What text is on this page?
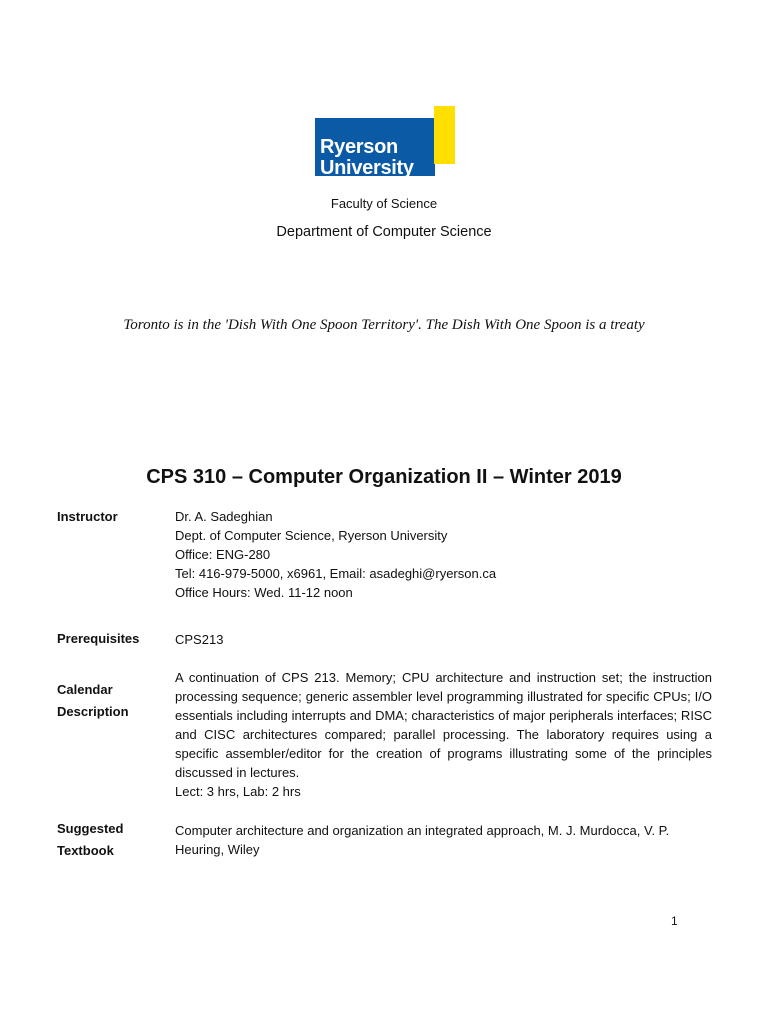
Ryerson
University
Faculty of Science
Department of Computer Science
Toronto is in the 'Dish With One Spoon Territory'. The Dish With One Spoon is a treaty
CPS 310 – Computer Organization II – Winter 2019
Instructor	Dr. A. Sadeghian
Dept. of Computer Science, Ryerson University
Office: ENG-280
Tel: 416-979-5000, x6961, Email: asadeghi@ryerson.ca
Office Hours: Wed. 11-12 noon
Prerequisites	CPS213
Calendar
Description
A continuation of CPS 213. Memory; CPU architecture and instruction set; the instruction processing sequence; generic assembler level programming illustrated for specific CPUs; I/O essentials including interrupts and DMA; characteristics of major peripherals interfaces; RISC and CISC architectures compared; parallel processing. The laboratory requires using a specific assembler/editor for the creation of programs illustrating some of the principles discussed in lectures.
Lect: 3 hrs, Lab: 2 hrs
Suggested
Textbook
Computer architecture and organization an integrated approach, M. J. Murdocca, V. P. Heuring, Wiley
1
